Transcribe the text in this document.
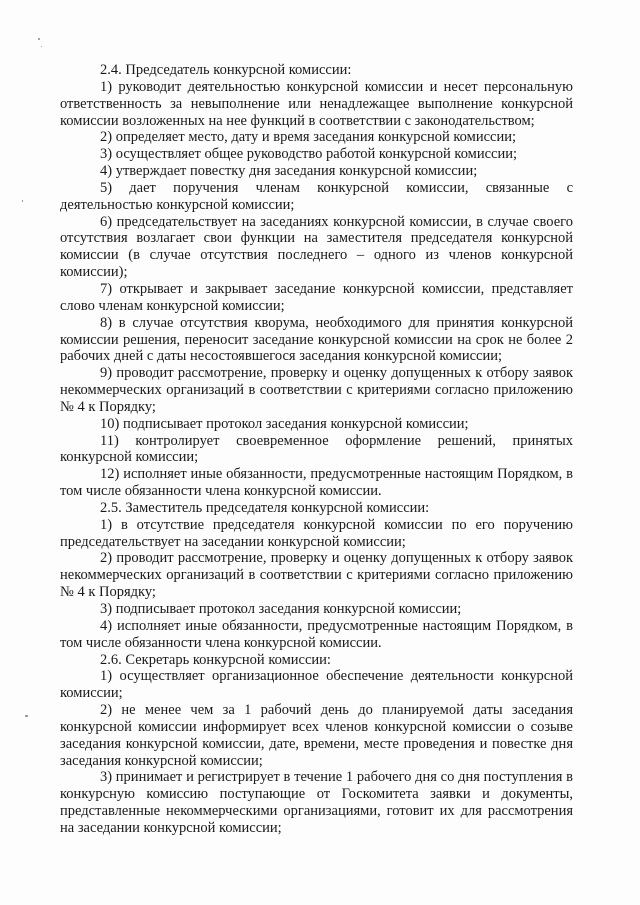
2.4. Председатель конкурсной комиссии:

1) руководит деятельностью конкурсной комиссии и несет персональную ответственность за невыполнение или ненадлежащее выполнение конкурсной комиссии возложенных на нее функций в соответствии с законодательством;

2) определяет место, дату и время заседания конкурсной комиссии;

3) осуществляет общее руководство работой конкурсной комиссии;

4) утверждает повестку дня заседания конкурсной комиссии;

5) дает поручения членам конкурсной комиссии, связанные с деятельностью конкурсной комиссии;

6) председательствует на заседаниях конкурсной комиссии, в случае своего отсутствия возлагает свои функции на заместителя председателя конкурсной комиссии (в случае отсутствия последнего – одного из членов конкурсной комиссии);

7) открывает и закрывает заседание конкурсной комиссии, представляет слово членам конкурсной комиссии;

8) в случае отсутствия кворума, необходимого для принятия конкурсной комиссии решения, переносит заседание конкурсной комиссии на срок не более 2 рабочих дней с даты несостоявшегося заседания конкурсной комиссии;

9) проводит рассмотрение, проверку и оценку допущенных к отбору заявок некоммерческих организаций в соответствии с критериями согласно приложению № 4 к Порядку;

10) подписывает протокол заседания конкурсной комиссии;

11) контролирует своевременное оформление решений, принятых конкурсной комиссии;

12) исполняет иные обязанности, предусмотренные настоящим Порядком, в том числе обязанности члена конкурсной комиссии.

2.5. Заместитель председателя конкурсной комиссии:

1) в отсутствие председателя конкурсной комиссии по его поручению председательствует на заседании конкурсной комиссии;

2) проводит рассмотрение, проверку и оценку допущенных к отбору заявок некоммерческих организаций в соответствии с критериями согласно приложению № 4 к Порядку;

3) подписывает протокол заседания конкурсной комиссии;

4) исполняет иные обязанности, предусмотренные настоящим Порядком, в том числе обязанности члена конкурсной комиссии.

2.6. Секретарь конкурсной комиссии:

1) осуществляет организационное обеспечение деятельности конкурсной комиссии;

2) не менее чем за 1 рабочий день до планируемой даты заседания конкурсной комиссии информирует всех членов конкурсной комиссии о созыве заседания конкурсной комиссии, дате, времени, месте проведения и повестке дня заседания конкурсной комиссии;

3) принимает и регистрирует в течение 1 рабочего дня со дня поступления в конкурсную комиссию поступающие от Госкомитета заявки и документы, представленные некоммерческими организациями, готовит их для рассмотрения на заседании конкурсной комиссии;
